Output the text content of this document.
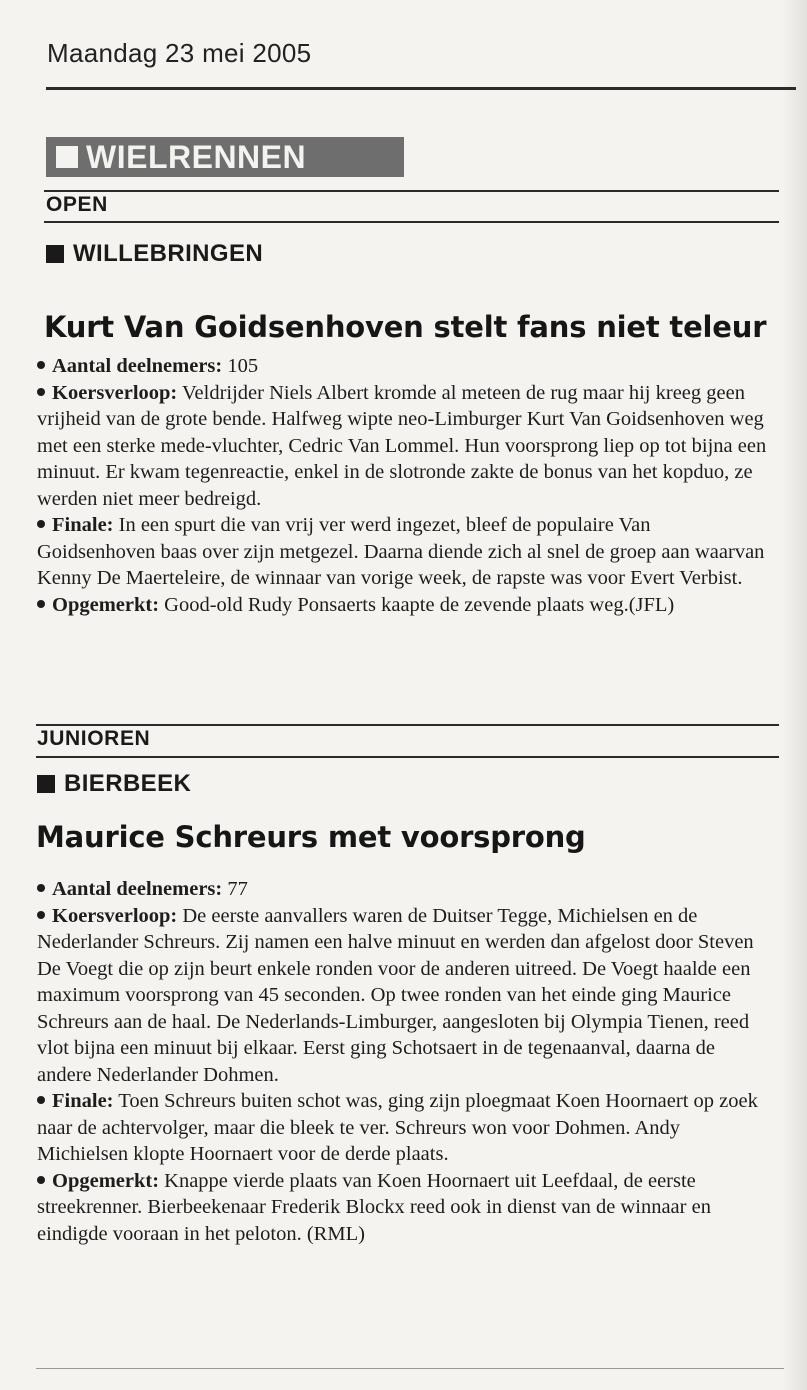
Maandag 23 mei 2005
WIELRENNEN
OPEN
WILLEBRINGEN
Kurt Van Goidsenhoven stelt fans niet teleur

Aantal deelnemers: 105

Koersverloop: Veldrijder Niels Albert kromde al meteen de rug maar hij kreeg geen vrijheid van de grote bende. Halfweg wipte neo-Limburger Kurt Van Goidsenhoven weg met een sterke mede-vluchter, Cedric Van Lommel. Hun voorsprong liep op tot bijna een minuut. Er kwam tegenreactie, enkel in de slotronde zakte de bonus van het kopduo, ze werden niet meer bedreigd.

Finale: In een spurt die van vrij ver werd ingezet, bleef de populaire Van Goidsenhoven baas over zijn metgezel. Daarna diende zich al snel de groep aan waarvan Kenny De Maerteleire, de winnaar van vorige week, de rapste was voor Evert Verbist.

Opgemerkt: Good-old Rudy Ponsaerts kaapte de zevende plaats weg.(JFL)

JUNIOREN
BIERBEEK
Maurice Schreurs met voorsprong

Aantal deelnemers: 77

Koersverloop: De eerste aanvallers waren de Duitser Tegge, Michielsen en de Nederlander Schreurs. Zij namen een halve minuut en werden dan afgelost door Steven De Voegt die op zijn beurt enkele ronden voor de anderen uitreed. De Voegt haalde een maximum voorsprong van 45 seconden. Op twee ronden van het einde ging Maurice Schreurs aan de haal. De Nederlands-Limburger, aangesloten bij Olympia Tienen, reed vlot bijna een minuut bij elkaar. Eerst ging Schotsaert in de tegenaanval, daarna de andere Nederlander Dohmen.

Finale: Toen Schreurs buiten schot was, ging zijn ploegmaat Koen Hoornaert op zoek naar de achtervolger, maar die bleek te ver. Schreurs won voor Dohmen. Andy Michielsen klopte Hoornaert voor de derde plaats.

Opgemerkt: Knappe vierde plaats van Koen Hoornaert uit Leefdaal, de eerste streekrenner. Bierbeekenaar Frederik Blockx reed ook in dienst van de winnaar en eindigde vooraan in het peloton. (RML)
